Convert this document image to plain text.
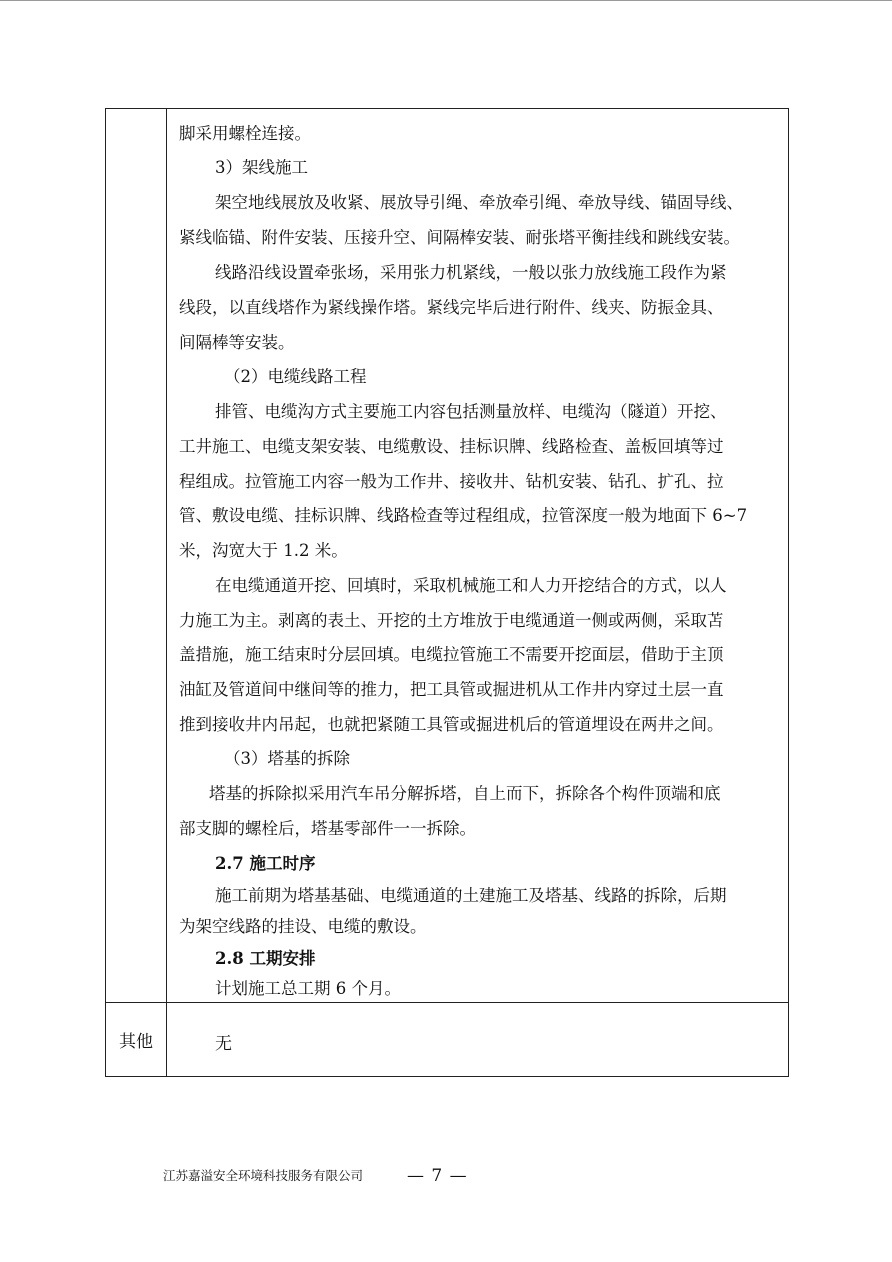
脚采用螺栓连接。
3）架线施工
架空地线展放及收紧、展放导引绳、牵放牵引绳、牵放导线、锚固导线、
紧线临锚、附件安装、压接升空、间隔棒安装、耐张塔平衡挂线和跳线安装。
线路沿线设置牵张场，采用张力机紧线，一般以张力放线施工段作为紧
线段，以直线塔作为紧线操作塔。紧线完毕后进行附件、线夹、防振金具、
间隔棒等安装。
（2）电缆线路工程
排管、电缆沟方式主要施工内容包括测量放样、电缆沟（隧道）开挖、
工井施工、电缆支架安装、电缆敷设、挂标识牌、线路检查、盖板回填等过
程组成。拉管施工内容一般为工作井、接收井、钻机安装、钻孔、扩孔、拉
管、敷设电缆、挂标识牌、线路检查等过程组成，拉管深度一般为地面下 6~7
米，沟宽大于 1.2 米。
在电缆通道开挖、回填时，采取机械施工和人力开挖结合的方式，以人
力施工为主。剥离的表土、开挖的土方堆放于电缆通道一侧或两侧，采取苫
盖措施，施工结束时分层回填。电缆拉管施工不需要开挖面层，借助于主顶
油缸及管道间中继间等的推力，把工具管或掘进机从工作井内穿过土层一直
推到接收井内吊起，也就把紧随工具管或掘进机后的管道埋设在两井之间。
（3）塔基的拆除
塔基的拆除拟采用汽车吊分解拆塔，自上而下，拆除各个构件顶端和底
部支脚的螺栓后，塔基零部件一一拆除。
2.7 施工时序
施工前期为塔基基础、电缆通道的土建施工及塔基、线路的拆除，后期
为架空线路的挂设、电缆的敷设。
2.8 工期安排
计划施工总工期 6 个月。
其他	无
江苏嘉溢安全环境科技服务有限公司	— 7 —
